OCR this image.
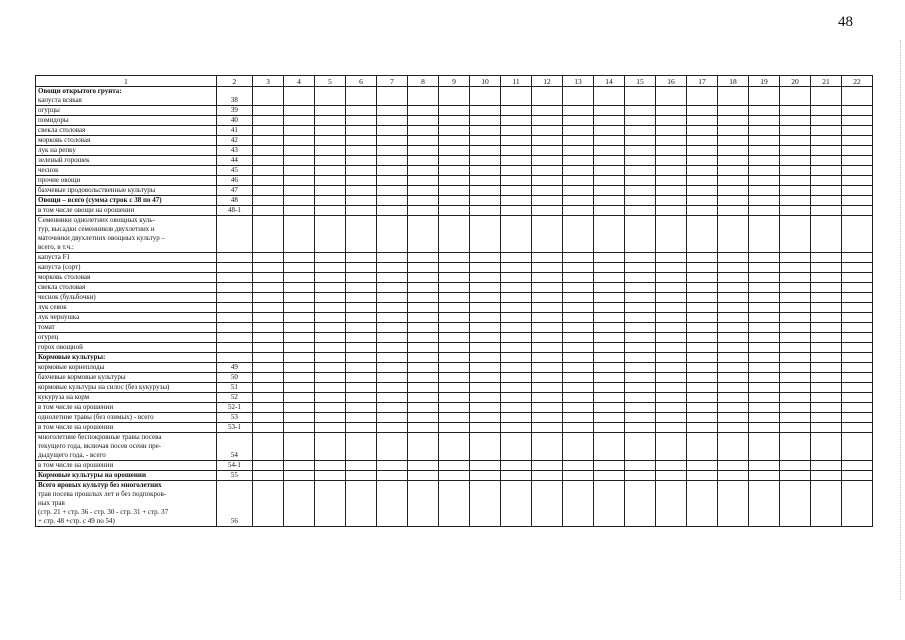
48
1	2	3	4	5	6	7	8	9	10	11	12	13	14	15	16	17	18	19	20	21	22
Овощи открытого грунта:
капуста всякая	38																				
огурцы	39																				
помидоры	40																				
свекла столовая	41																				
морковь столовая	42																				
лук на репку	43																				
зеленый горошек	44																				
чеснок	45																				
прочие овощи	46																				
бахчевые продовольственные культуры	47																				
Овощи – всего (сумма строк с 38 по 47)	48																				
в том числе овощи на орошении	48-1																				
Семенники однолетних овощных куль-
тур, высадки семенников двухлетних и
маточники двухлетних овощных культур –
всего, в т.ч.:																					
капуста F1																					
капуста (сорт)																					
морковь столовая																					
свекла столовая																					
чеснок (бульбочки)																					
лук севок																					
лук чернушка																					
томат																					
огурец																					
горох овощной																					
Кормовые культуры:																					
кормовые корнеплоды	49																				
бахчевые кормовые культуры	50																				
кормовые культуры на силос (без кукурузы)	51																				
кукуруза на корм	52																				
в том числе на орошении	52-1																				
однолетние травы (без озимых) - всего	53																				
в том числе на орошении	53-1																				
многолетние беспокровные травы посева
текущего года, включая посев осени пре-
дыдущего года, - всего	54																				
в том числе на орошении	54-1																				
Кормовые культуры на орошении	55																				
Всего яровых культур без многолетних
трав посева прошлых лет и без подпокров-
ных трав
(стр. 21 + стр. 36 - стр. 30 - стр. 31 + стр. 37
+ стр. 48 +стр. с 49 по 54)	56																				
